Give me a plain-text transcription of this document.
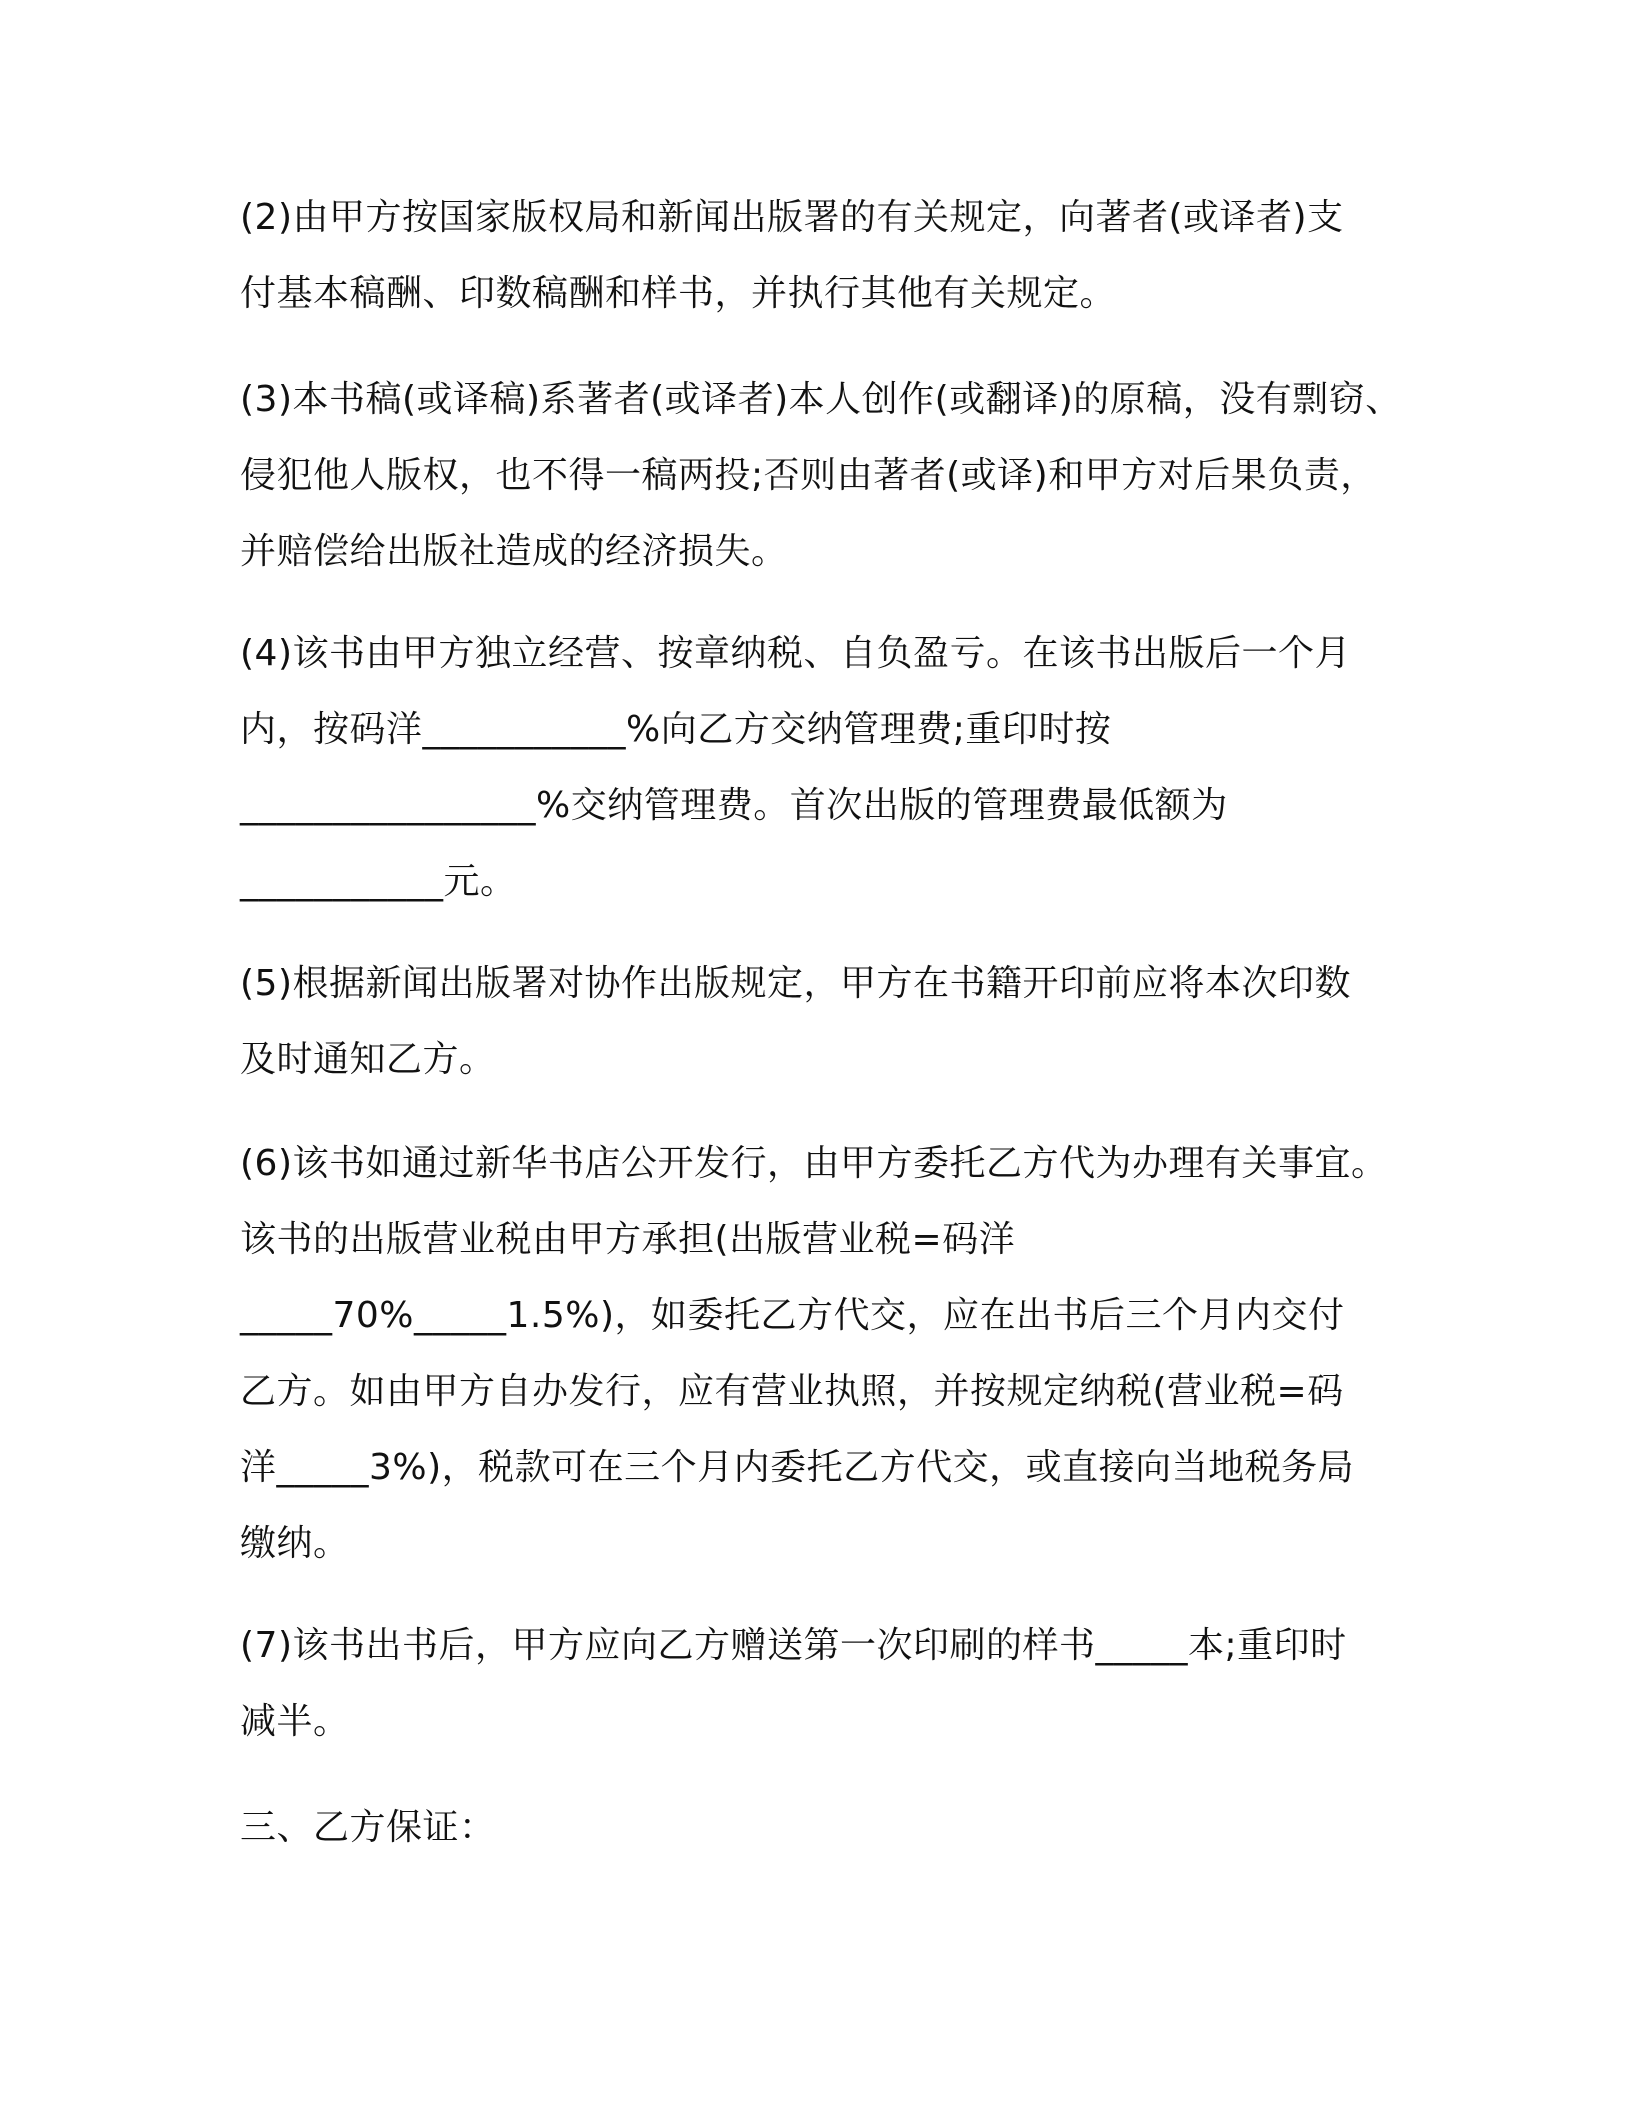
(2)由甲方按国家版权局和新闻出版署的有关规定，向著者(或译者)支

付基本稿酬、印数稿酬和样书，并执行其他有关规定。

(3)本书稿(或译稿)系著者(或译者)本人创作(或翻译)的原稿，没有剽窃、

侵犯他人版权，也不得一稿两投;否则由著者(或译)和甲方对后果负责，

并赔偿给出版社造成的经济损失。

(4)该书由甲方独立经营、按章纳税、自负盈亏。在该书出版后一个月

内，按码洋___________%向乙方交纳管理费;重印时按

________________%交纳管理费。首次出版的管理费最低额为

___________元。

(5)根据新闻出版署对协作出版规定，甲方在书籍开印前应将本次印数

及时通知乙方。

(6)该书如通过新华书店公开发行，由甲方委托乙方代为办理有关事宜。

该书的出版营业税由甲方承担(出版营业税=码洋

_____70%_____1.5%)，如委托乙方代交，应在出书后三个月内交付

乙方。如由甲方自办发行，应有营业执照，并按规定纳税(营业税=码

洋_____3%)，税款可在三个月内委托乙方代交，或直接向当地税务局

缴纳。

(7)该书出书后，甲方应向乙方赠送第一次印刷的样书_____本;重印时

减半。

三、乙方保证：
